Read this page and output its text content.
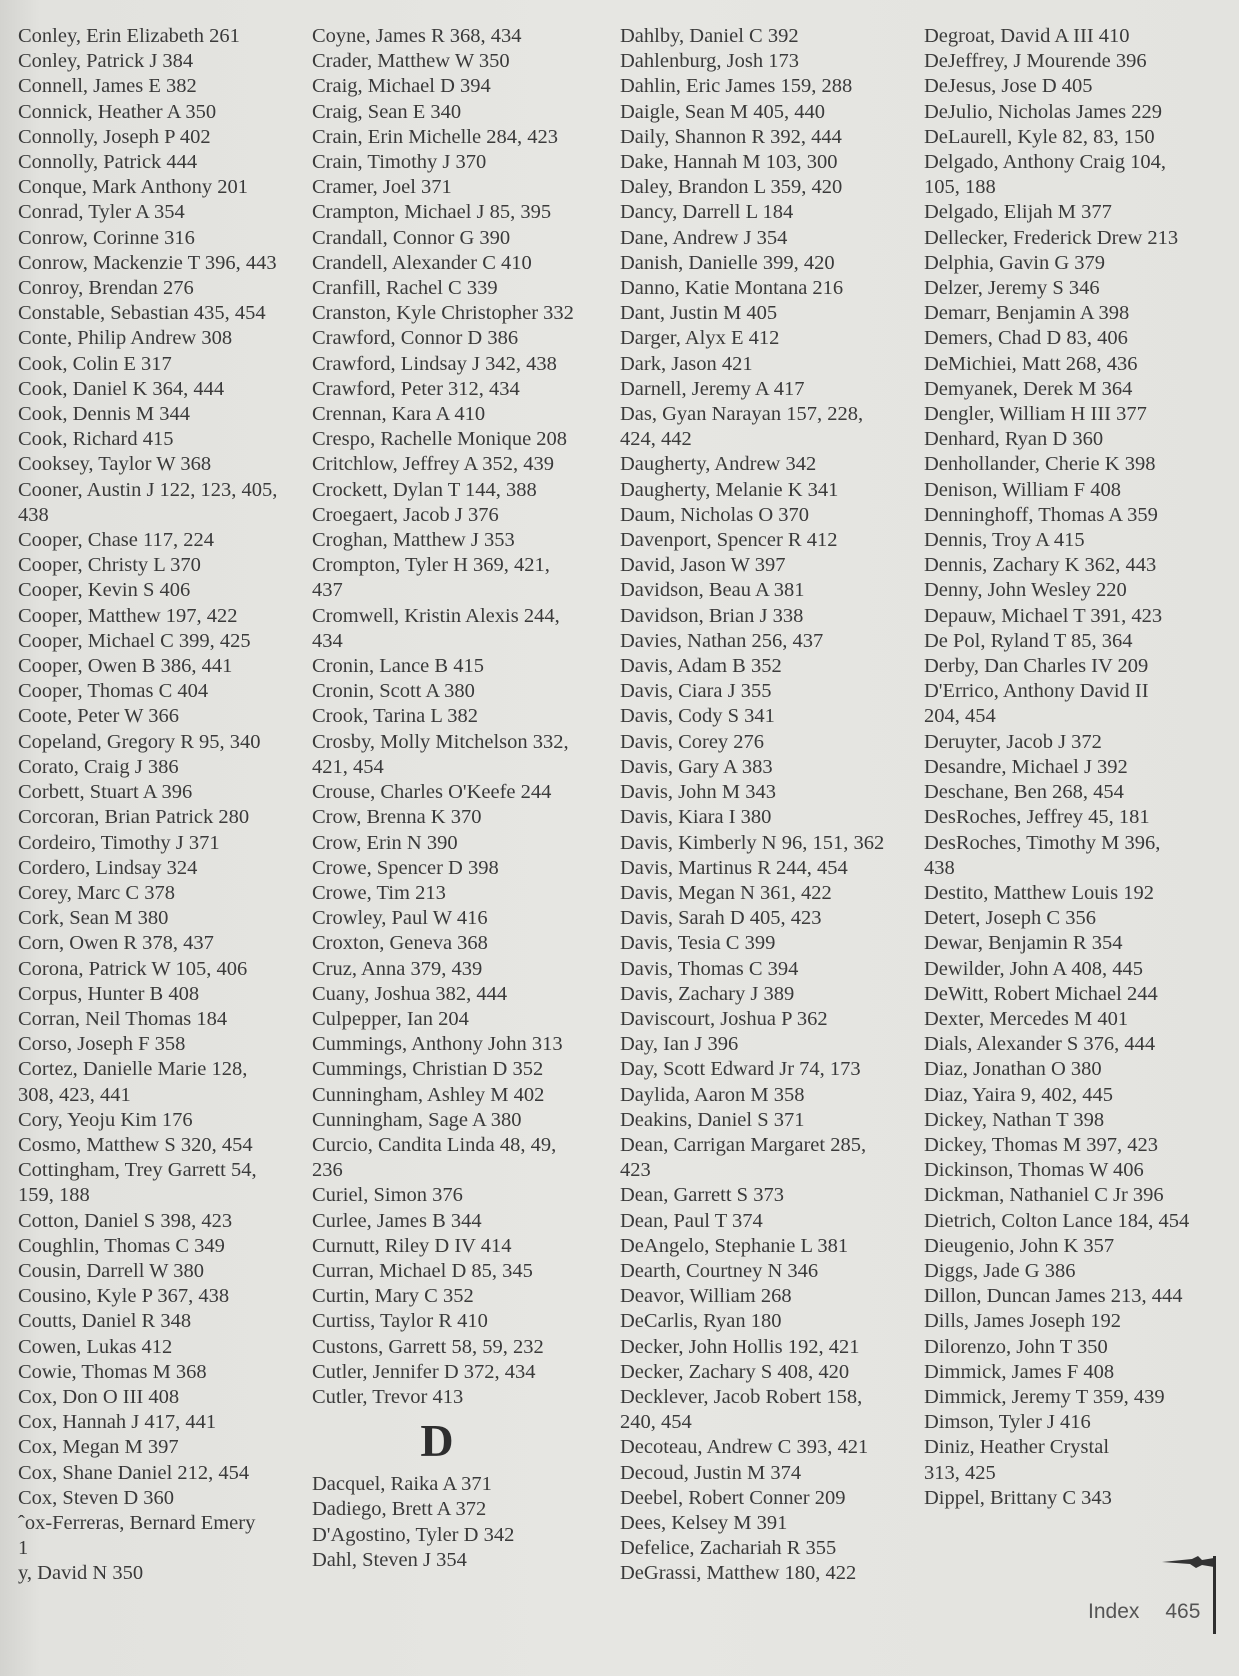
Conley, Erin Elizabeth 261
Conley, Patrick J 384
Connell, James E 382
Connick, Heather A 350
Connolly, Joseph P 402
Connolly, Patrick 444
Conque, Mark Anthony 201
Conrad, Tyler A 354
Conrow, Corinne 316
Conrow, Mackenzie T 396, 443
Conroy, Brendan 276
Constable, Sebastian 435, 454
Conte, Philip Andrew 308
Cook, Colin E 317
Cook, Daniel K 364, 444
Cook, Dennis M 344
Cook, Richard 415
Cooksey, Taylor W 368
Cooner, Austin J 122, 123, 405,
438
Cooper, Chase 117, 224
Cooper, Christy L 370
Cooper, Kevin S 406
Cooper, Matthew 197, 422
Cooper, Michael C 399, 425
Cooper, Owen B 386, 441
Cooper, Thomas C 404
Coote, Peter W 366
Copeland, Gregory R 95, 340
Corato, Craig J 386
Corbett, Stuart A 396
Corcoran, Brian Patrick 280
Cordeiro, Timothy J 371
Cordero, Lindsay 324
Corey, Marc C 378
Cork, Sean M 380
Corn, Owen R 378, 437
Corona, Patrick W 105, 406
Corpus, Hunter B 408
Corran, Neil Thomas 184
Corso, Joseph F 358
Cortez, Danielle Marie 128,
308, 423, 441
Cory, Yeoju Kim 176
Cosmo, Matthew S 320, 454
Cottingham, Trey Garrett 54,
159, 188
Cotton, Daniel S 398, 423
Coughlin, Thomas C 349
Cousin, Darrell W 380
Cousino, Kyle P 367, 438
Coutts, Daniel R 348
Cowen, Lukas 412
Cowie, Thomas M 368
Cox, Don O III 408
Cox, Hannah J 417, 441
Cox, Megan M 397
Cox, Shane Daniel 212, 454
Cox, Steven D 360
ˆox-Ferreras, Bernard Emery
1
y, David N 350
Coyne, James R 368, 434
Crader, Matthew W 350
Craig, Michael D 394
Craig, Sean E 340
Crain, Erin Michelle 284, 423
Crain, Timothy J 370
Cramer, Joel 371
Crampton, Michael J 85, 395
Crandall, Connor G 390
Crandell, Alexander C 410
Cranfill, Rachel C 339
Cranston, Kyle Christopher 332
Crawford, Connor D 386
Crawford, Lindsay J 342, 438
Crawford, Peter 312, 434
Crennan, Kara A 410
Crespo, Rachelle Monique 208
Critchlow, Jeffrey A 352, 439
Crockett, Dylan T 144, 388
Croegaert, Jacob J 376
Croghan, Matthew J 353
Crompton, Tyler H 369, 421,
437
Cromwell, Kristin Alexis 244,
434
Cronin, Lance B 415
Cronin, Scott A 380
Crook, Tarina L 382
Crosby, Molly Mitchelson 332,
421, 454
Crouse, Charles O'Keefe 244
Crow, Brenna K 370
Crow, Erin N 390
Crowe, Spencer D 398
Crowe, Tim 213
Crowley, Paul W 416
Croxton, Geneva 368
Cruz, Anna 379, 439
Cuany, Joshua 382, 444
Culpepper, Ian 204
Cummings, Anthony John 313
Cummings, Christian D 352
Cunningham, Ashley M 402
Cunningham, Sage A 380
Curcio, Candita Linda 48, 49,
236
Curiel, Simon 376
Curlee, James B 344
Curnutt, Riley D IV 414
Curran, Michael D 85, 345
Curtin, Mary C 352
Curtiss, Taylor R 410
Custons, Garrett 58, 59, 232
Cutler, Jennifer D 372, 434
Cutler, Trevor 413
D
Dacquel, Raika A 371
Dadiego, Brett A 372
D'Agostino, Tyler D 342
Dahl, Steven J 354
Dahlby, Daniel C 392
Dahlenburg, Josh 173
Dahlin, Eric James 159, 288
Daigle, Sean M 405, 440
Daily, Shannon R 392, 444
Dake, Hannah M 103, 300
Daley, Brandon L 359, 420
Dancy, Darrell L 184
Dane, Andrew J 354
Danish, Danielle 399, 420
Danno, Katie Montana 216
Dant, Justin M 405
Darger, Alyx E 412
Dark, Jason 421
Darnell, Jeremy A 417
Das, Gyan Narayan 157, 228,
424, 442
Daugherty, Andrew 342
Daugherty, Melanie K 341
Daum, Nicholas O 370
Davenport, Spencer R 412
David, Jason W 397
Davidson, Beau A 381
Davidson, Brian J 338
Davies, Nathan 256, 437
Davis, Adam B 352
Davis, Ciara J 355
Davis, Cody S 341
Davis, Corey 276
Davis, Gary A 383
Davis, John M 343
Davis, Kiara I 380
Davis, Kimberly N 96, 151, 362
Davis, Martinus R 244, 454
Davis, Megan N 361, 422
Davis, Sarah D 405, 423
Davis, Tesia C 399
Davis, Thomas C 394
Davis, Zachary J 389
Daviscourt, Joshua P 362
Day, Ian J 396
Day, Scott Edward Jr 74, 173
Daylida, Aaron M 358
Deakins, Daniel S 371
Dean, Carrigan Margaret 285,
423
Dean, Garrett S 373
Dean, Paul T 374
DeAngelo, Stephanie L 381
Dearth, Courtney N 346
Deavor, William 268
DeCarlis, Ryan 180
Decker, John Hollis 192, 421
Decker, Zachary S 408, 420
Decklever, Jacob Robert 158,
240, 454
Decoteau, Andrew C 393, 421
Decoud, Justin M 374
Deebel, Robert Conner 209
Dees, Kelsey M 391
Defelice, Zachariah R 355
DeGrassi, Matthew 180, 422
Degroat, David A III 410
DeJeffrey, J Mourende 396
DeJesus, Jose D 405
DeJulio, Nicholas James 229
DeLaurell, Kyle 82, 83, 150
Delgado, Anthony Craig 104,
105, 188
Delgado, Elijah M 377
Dellecker, Frederick Drew 213
Delphia, Gavin G 379
Delzer, Jeremy S 346
Demarr, Benjamin A 398
Demers, Chad D 83, 406
DeMichiei, Matt 268, 436
Demyanek, Derek M 364
Dengler, William H III 377
Denhard, Ryan D 360
Denhollander, Cherie K 398
Denison, William F 408
Denninghoff, Thomas A 359
Dennis, Troy A 415
Dennis, Zachary K 362, 443
Denny, John Wesley 220
Depauw, Michael T 391, 423
De Pol, Ryland T 85, 364
Derby, Dan Charles IV 209
D'Errico, Anthony David II
204, 454
Deruyter, Jacob J 372
Desandre, Michael J 392
Deschane, Ben 268, 454
DesRoches, Jeffrey 45, 181
DesRoches, Timothy M 396,
438
Destito, Matthew Louis 192
Detert, Joseph C 356
Dewar, Benjamin R 354
Dewilder, John A 408, 445
DeWitt, Robert Michael 244
Dexter, Mercedes M 401
Dials, Alexander S 376, 444
Diaz, Jonathan O 380
Diaz, Yaira 9, 402, 445
Dickey, Nathan T 398
Dickey, Thomas M 397, 423
Dickinson, Thomas W 406
Dickman, Nathaniel C Jr 396
Dietrich, Colton Lance 184, 454
Dieugenio, John K 357
Diggs, Jade G 386
Dillon, Duncan James 213, 444
Dills, James Joseph 192
Dilorenzo, John T 350
Dimmick, James F 408
Dimmick, Jeremy T 359, 439
Dimson, Tyler J 416
Diniz, Heather Crystal
313, 425
Dippel, Brittany C 343
Index 465
